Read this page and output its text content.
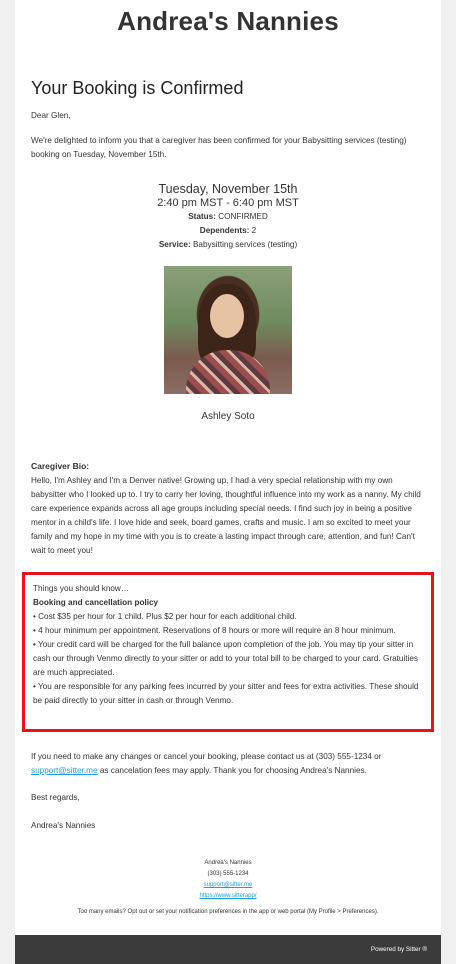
Andrea's Nannies
Your Booking is Confirmed
Dear Glen,
We're delighted to inform you that a caregiver has been confirmed for your Babysitting services (testing) booking on Tuesday, November 15th.
Tuesday, November 15th
2:40 pm MST - 6:40 pm MST
Status: CONFIRMED
Dependents: 2
Service: Babysitting services (testing)
Ashley Soto
Caregiver Bio:
Hello, I'm Ashley and I'm a Denver native! Growing up, I had a very special relationship with my own babysitter who I looked up to. I try to carry her loving, thoughtful influence into my work as a nanny. My child care experience expands across all age groups including special needs. I find such joy in being a positive mentor in a child's life. I love hide and seek, board games, crafts and music. I am so excited to meet your family and my hope in my time with you is to create a lasting impact through care, attention, and fun! Can't wait to meet you!
Things you should know…
Booking and cancellation policy
• Cost $35 per hour for 1 child. Plus $2 per hour for each additional child.
• 4 hour minimum per appointment. Reservations of 8 hours or more will require an 8 hour minimum.
• Your credit card will be charged for the full balance upon completion of the job. You may tip your sitter in cash our through Venmo directly to your sitter or add to your total bill to be charged to your card. Gratuities are much appreciated.
• You are responsible for any parking fees incurred by your sitter and fees for extra activities. These should be paid directly to your sitter in cash or through Venmo.
If you need to make any changes or cancel your booking, please contact us at (303) 555-1234 or support@sitter.me as cancelation fees may apply. Thank you for choosing Andrea's Nannies.
Best regards,
Andrea's Nannies
Andrea's Nannies
(303) 555-1234
support@sitter.me
https://www.sitterapp/
Too many emails? Opt out or set your notification preferences in the app or web portal (My Profile > Preferences).
Powered by Sitter ®
